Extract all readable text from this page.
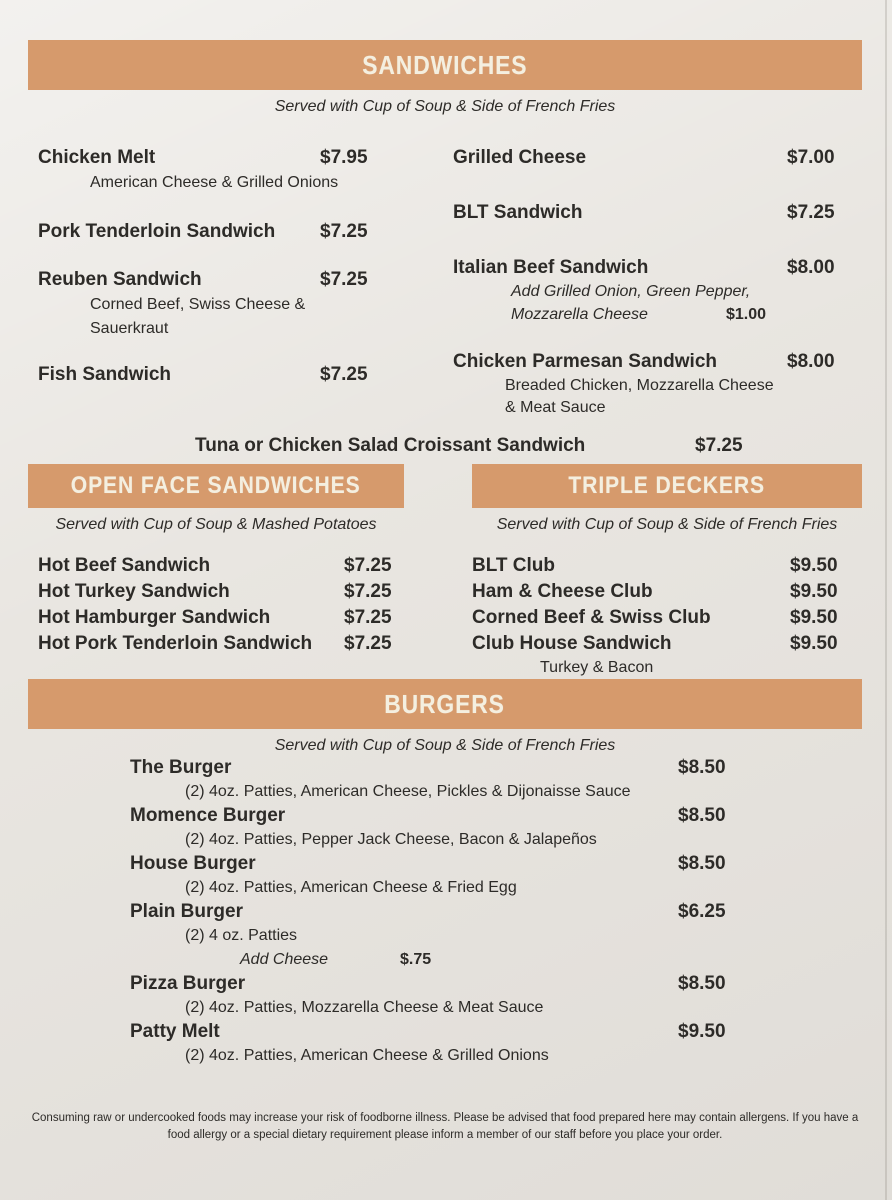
SANDWICHES
Served with Cup of Soup & Side of French Fries
Chicken Melt	$7.95
American Cheese & Grilled Onions
Pork Tenderloin Sandwich	$7.25
Reuben Sandwich	$7.25
Corned Beef, Swiss Cheese &
Sauerkraut
Fish Sandwich	$7.25
Grilled Cheese	$7.00
BLT Sandwich	$7.25
Italian Beef Sandwich	$8.00
Add Grilled Onion, Green Pepper,
Mozzarella Cheese	$1.00
Chicken Parmesan Sandwich	$8.00
Breaded Chicken, Mozzarella Cheese
& Meat Sauce
Tuna or Chicken Salad Croissant Sandwich	$7.25
OPEN FACE SANDWICHES
Served with Cup of Soup & Mashed Potatoes
Hot Beef Sandwich	$7.25
Hot Turkey Sandwich	$7.25
Hot Hamburger Sandwich	$7.25
Hot Pork Tenderloin Sandwich	$7.25
TRIPLE DECKERS
Served with Cup of Soup & Side of French Fries
BLT Club	$9.50
Ham & Cheese Club	$9.50
Corned Beef & Swiss Club	$9.50
Club House Sandwich	$9.50
Turkey & Bacon
BURGERS
Served with Cup of Soup & Side of French Fries
The Burger	$8.50
(2) 4oz. Patties, American Cheese, Pickles & Dijonaisse Sauce
Momence Burger	$8.50
(2) 4oz. Patties, Pepper Jack Cheese, Bacon & Jalapeños
House Burger	$8.50
(2) 4oz. Patties, American Cheese & Fried Egg
Plain Burger	$6.25
(2) 4 oz. Patties
Add Cheese	$.75
Pizza Burger	$8.50
(2) 4oz. Patties, Mozzarella Cheese & Meat Sauce
Patty Melt	$9.50
(2) 4oz. Patties, American Cheese & Grilled Onions
Consuming raw or undercooked foods may increase your risk of foodborne illness. Please be advised that food prepared here may contain allergens. If you have a food allergy or a special dietary requirement please inform a member of our staff before you place your order.
